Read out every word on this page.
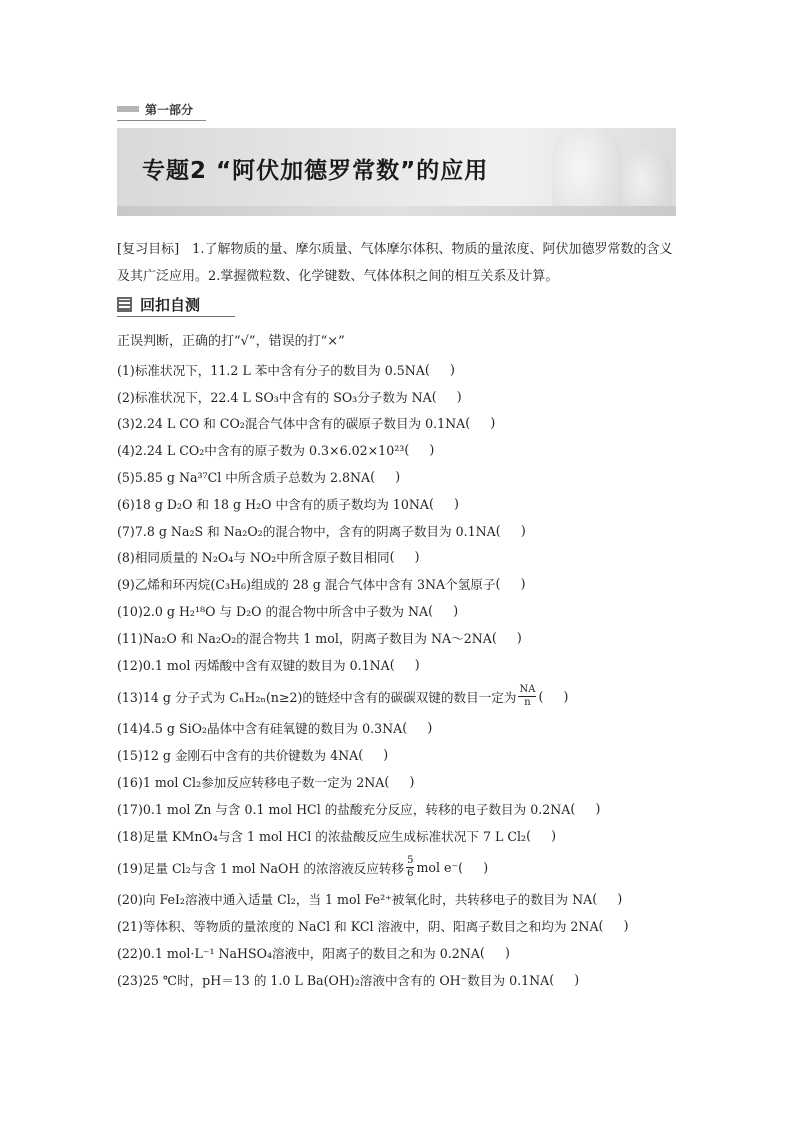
第一部分
专题2 “阿伏加德罗常数”的应用
[复习目标]　1.了解物质的量、摩尔质量、气体摩尔体积、物质的量浓度、阿伏加德罗常数的含义及其广泛应用。2.掌握微粒数、化学键数、气体体积之间的相互关系及计算。
回扣自测
正误判断，正确的打“√”，错误的打“×”
(1)标准状况下，11.2 L 苯中含有分子的数目为 0.5NA
( )
(2)标准状况下，22.4 L SO₃中含有的 SO₃分子数为 NA
( )
(3)2.24 L CO 和 CO₂混合气体中含有的碳原子数目为 0.1NA
( )
(4)2.24 L CO₂中含有的原子数为 0.3×6.02×10²³
( )
(5)5.85 g Na³⁷Cl 中所含质子总数为 2.8NA
( )
(6)18 g D₂O 和 18 g H₂O 中含有的质子数均为 10NA
( )
(7)7.8 g Na₂S 和 Na₂O₂的混合物中，含有的阴离子数目为 0.1NA
( )
(8)相同质量的 N₂O₄与 NO₂中所含原子数目相同
( )
(9)乙烯和环丙烷(C₃H₆)组成的 28 g 混合气体中含有 3NA个氢原子
( )
(10)2.0 g H₂¹⁸O 与 D₂O 的混合物中所含中子数为 NA
( )
(11)Na₂O 和 Na₂O₂的混合物共 1 mol，阴离子数目为 NA～2NA
( )
(12)0.1 mol 丙烯酸中含有双键的数目为 0.1NA
( )
(13)14 g 分子式为 CₙH₂ₙ(n≥2)的链烃中含有的碳碳双键的数目一定为 $\frac{NA}{n}$
( )
(14)4.5 g SiO₂晶体中含有硅氧键的数目为 0.3NA
( )
(15)12 g 金刚石中含有的共价键数为 4NA
( )
(16)1 mol Cl₂参加反应转移电子数一定为 2NA
( )
(17)0.1 mol Zn 与含 0.1 mol HCl 的盐酸充分反应，转移的电子数目为 0.2NA
( )
(18)足量 KMnO₄与含 1 mol HCl 的浓盐酸反应生成标准状况下 7 L Cl₂
( )
(19)足量 Cl₂与含 1 mol NaOH 的浓溶液反应转移 $\frac{5}{6}$ mol e⁻
( )
(20)向 FeI₂溶液中通入适量 Cl₂，当 1 mol Fe²⁺被氧化时，共转移电子的数目为 NA
( )
(21)等体积、等物质的量浓度的 NaCl 和 KCl 溶液中，阴、阳离子数目之和均为 2NA
( )
(22)0.1 mol·L⁻¹ NaHSO₄溶液中，阳离子的数目之和为 0.2NA
( )
(23)25 ℃时，pH＝13 的 1.0 L Ba(OH)₂溶液中含有的 OH⁻数目为 0.1NA
( )
